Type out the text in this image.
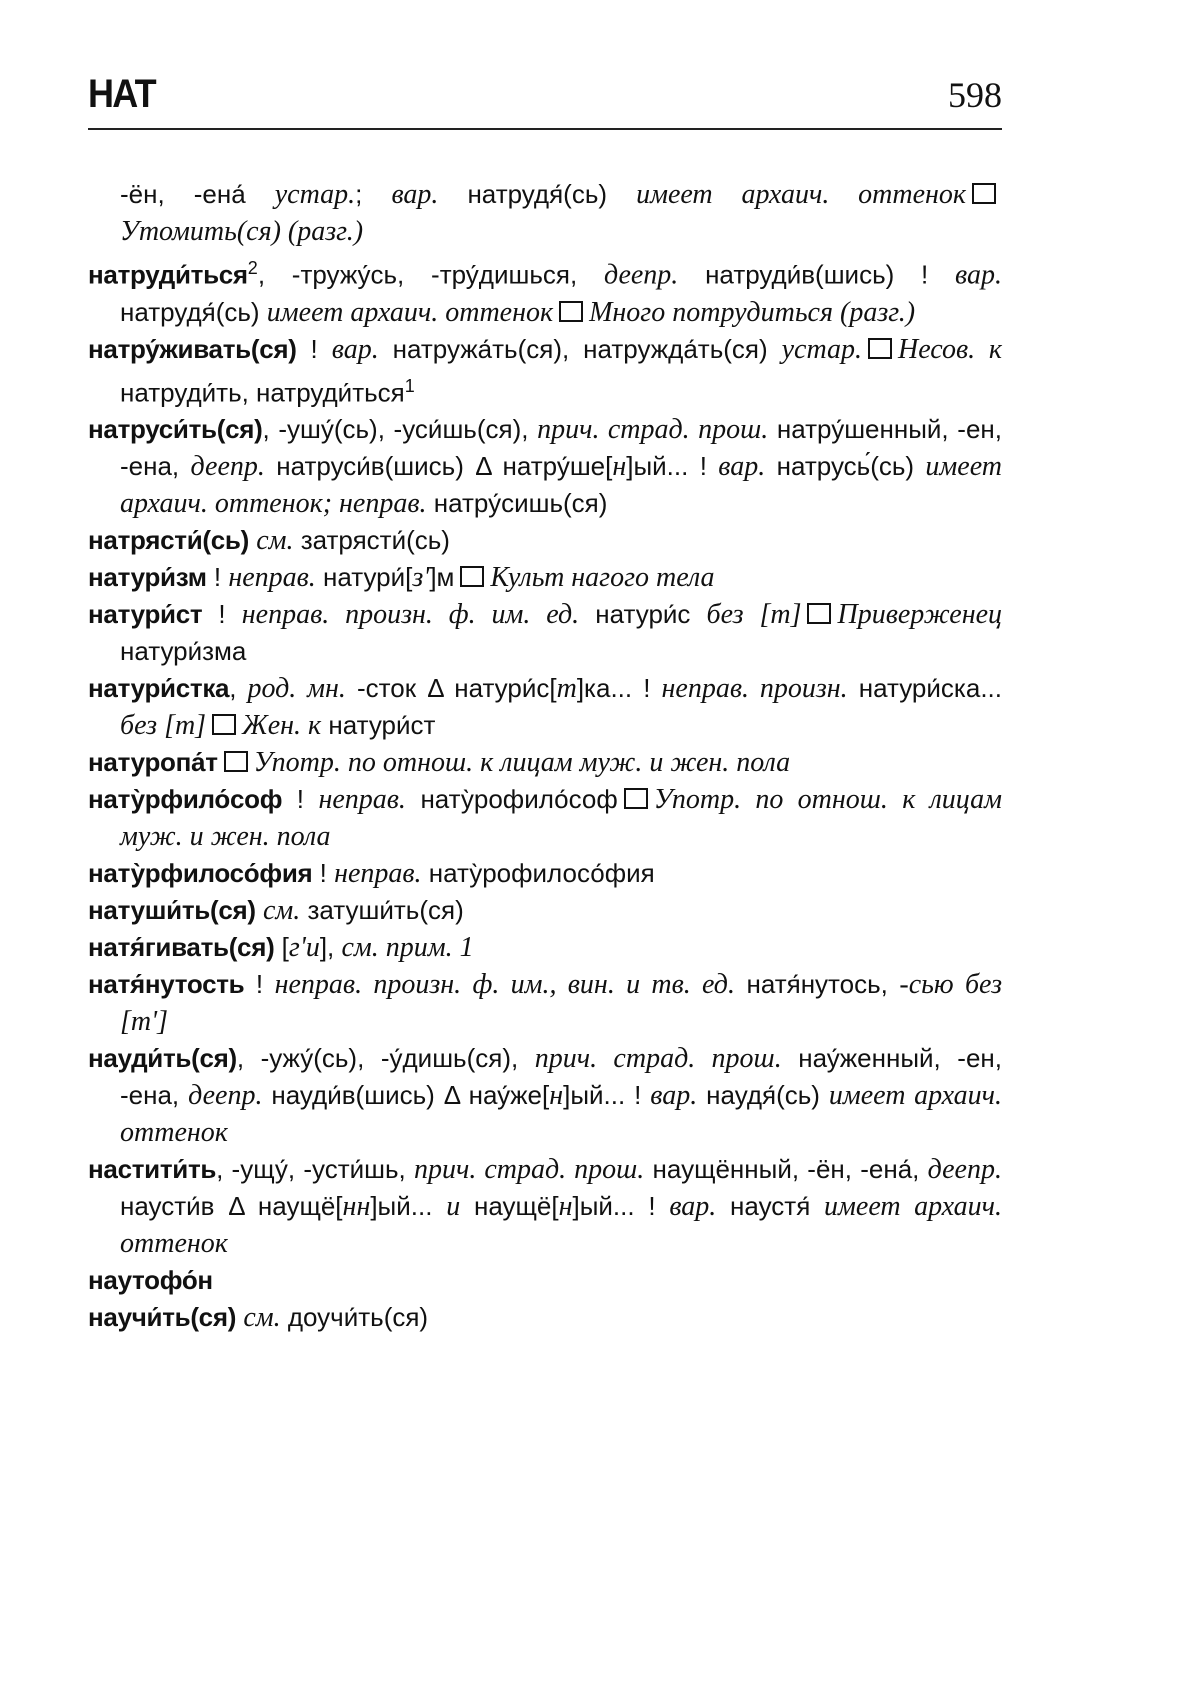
НАТ	598

-ён, -ена́ устар.; вар. натрудя́(сь) имеет архаич. оттенокУтомить(ся) (разг.)

натруди́ться$^2$, -тружу́сь, -тру́дишься, деепр. натруди́в(шись) ! вар. натрудя́(сь) имеет архаич. оттенок Много потрудиться (разг.)

натру́живать(ся) ! вар. натружа́ть(ся), натружда́ть(ся) устар. Несов. к натруди́ть, натруди́ться$^1$

натруси́ть(ся), -ушу́(сь), -уси́шь(ся), прич. страд. прош. натру́шенный, -ен, -ена, деепр. натруси́в(шись) Δ натру́ше[н]ый... ! вар. натрусь́(сь) имеет архаич. оттенок; неправ. натру́сишь(ся)

натрясти́(сь) см. затрясти́(сь)

натури́зм ! неправ. натури́[з']м Культ нагого тела

натури́ст ! неправ. произн. ф. им. ед. натури́с без [т] Приверженец натури́зма

натури́стка, род. мн. -сток Δ натури́с[т]ка... ! неправ. произн. натури́ска... без [т] Жен. к натури́ст

натуропа́т Употр. по отнош. к лицам муж. и жен. пола

нату̀рфило́соф ! неправ. нату̀рофило́соф Употр. по отнош. к лицам муж. и жен. пола

нату̀рфилосо́фия ! неправ. нату̀рофилосо́фия

натуши́ть(ся) см. затуши́ть(ся)

натя́гивать(ся) [г'и], см. прим. 1

натя́нутость ! неправ. произн. ф. им., вин. и тв. ед. натя́нутось, -сью без [т']

науди́ть(ся), -ужу́(сь), -у́дишь(ся), прич. страд. прош. нау́женный, -ен, -ена, деепр. науди́в(шись) Δ нау́же[н]ый... ! вар. наудя́(сь) имеет архаич. оттенок

настити́ть, -ущу́, -усти́шь, прич. страд. прош. наущённый, -ён, -ена́, деепр. наусти́в Δ наущё[нн]ый... и наущё[н]ый... ! вар. наустя́ имеет архаич. оттенок

наутофо́н

научи́ть(ся) см. доучи́ть(ся)
